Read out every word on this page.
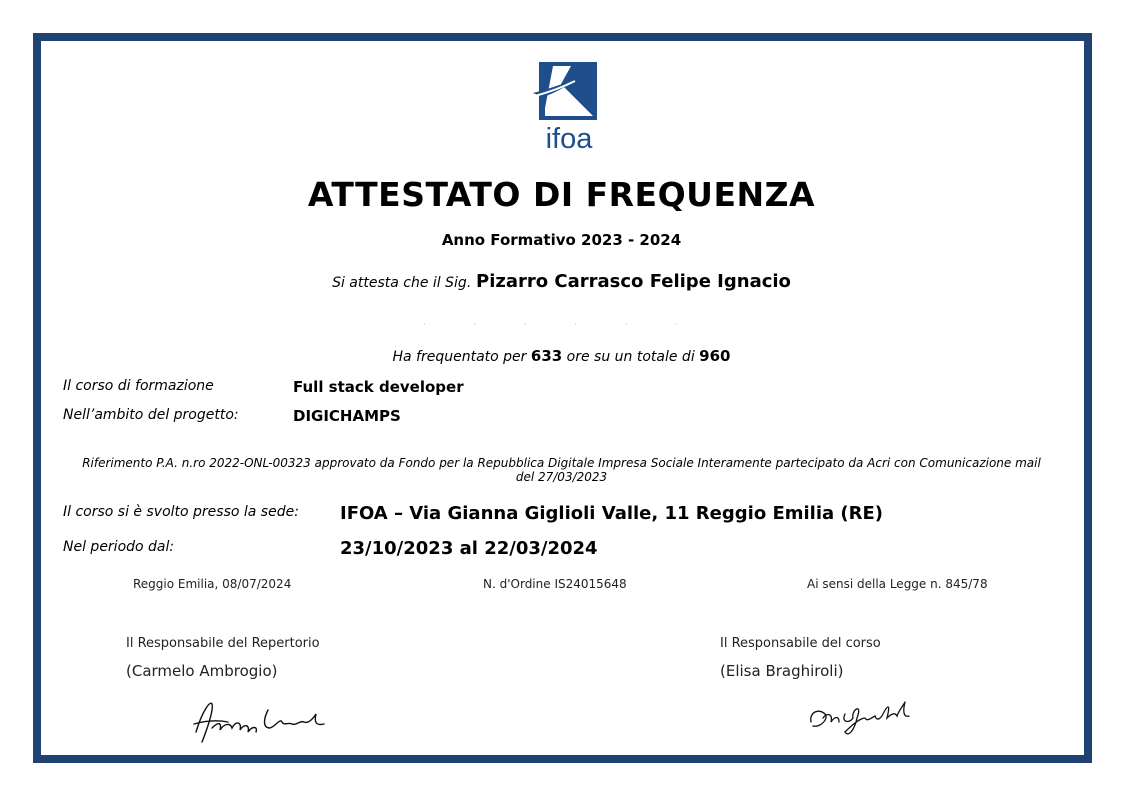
ifoa
ATTESTATO DI FREQUENZA
Anno Formativo 2023 - 2024
Si attesta che il Sig. Pizarro Carrasco Felipe Ignacio
· · · · · ·
Ha frequentato per 633 ore su un totale di 960
Il corso di formazione	Full stack developer
Nell’ambito del progetto:	DIGICHAMPS
Riferimento P.A. n.ro 2022-ONL-00323 approvato da Fondo per la Repubblica Digitale Impresa Sociale Interamente partecipato da Acri con Comunicazione mail
del 27/03/2023
Il corso si è svolto presso la sede: IFOA – Via Gianna Giglioli Valle, 11 Reggio Emilia (RE)
Nel periodo dal:	23/10/2023 al 22/03/2024
Reggio Emilia, 08/07/2024	N. d'Ordine IS24015648	Ai sensi della Legge n. 845/78
Il Responsabile del Repertorio
(Carmelo Ambrogio)
Il Responsabile del corso
(Elisa Braghiroli)
